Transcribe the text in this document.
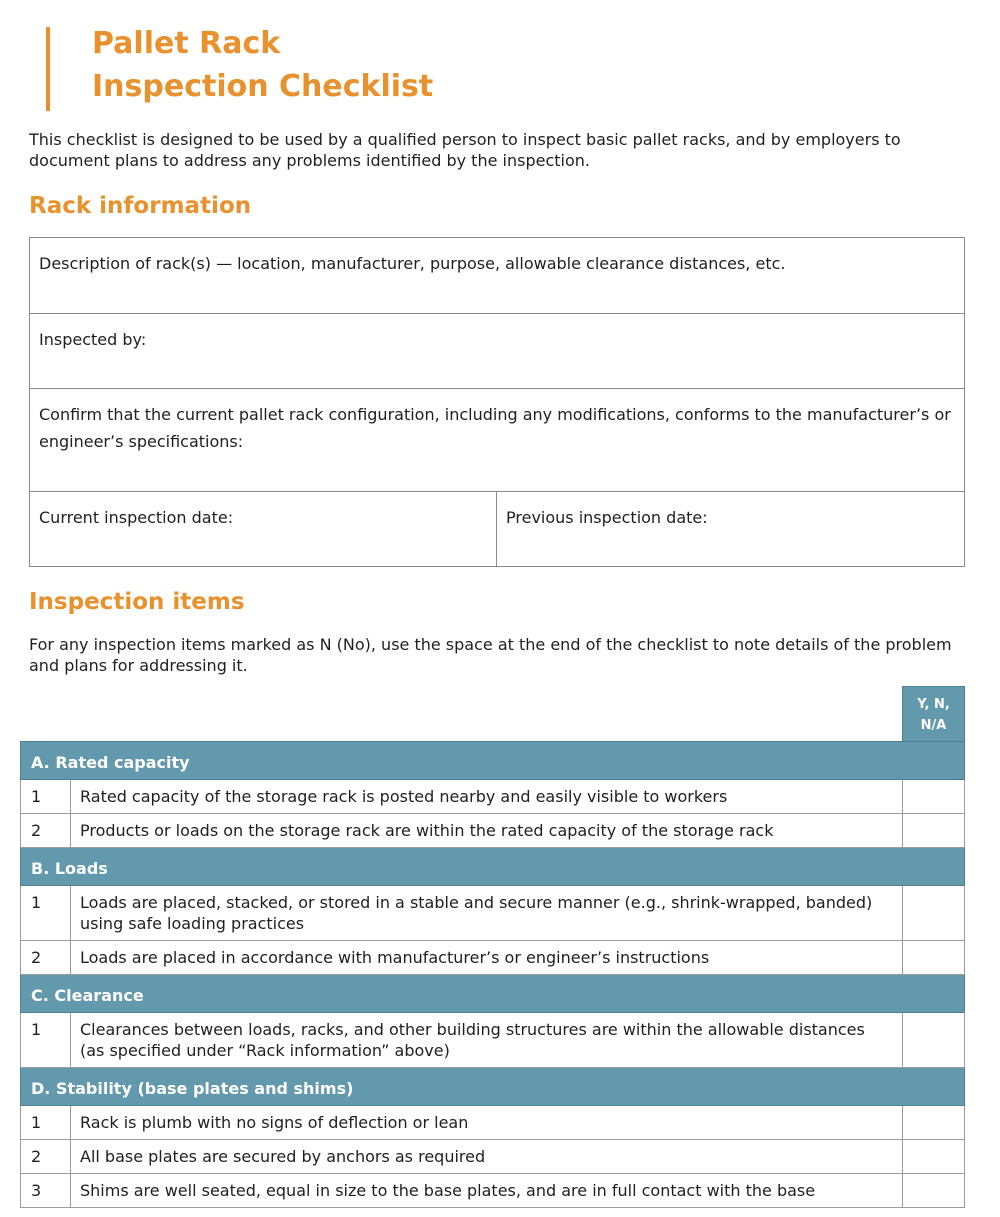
Pallet Rack
Inspection Checklist

This checklist is designed to be used by a qualified person to inspect basic pallet racks, and by employers to document plans to address any problems identified by the inspection.

Rack information
Description of rack(s) — location, manufacturer, purpose, allowable clearance distances, etc.
Inspected by:
Confirm that the current pallet rack configuration, including any modifications, conforms to the manufacturer’s or engineer’s specifications:
Current inspection date:	Previous inspection date:
Inspection items

For any inspection items marked as N (No), use the space at the end of the checklist to note details of the problem and plans for addressing it.

		Y, N,
N/A
A. Rated capacity		
1	Rated capacity of the storage rack is posted nearby and easily visible to workers	
2	Products or loads on the storage rack are within the rated capacity of the storage rack	
B. Loads		
1	Loads are placed, stacked, or stored in a stable and secure manner (e.g., shrink-wrapped, banded) using safe loading practices	
2	Loads are placed in accordance with manufacturer’s or engineer’s instructions	
C. Clearance		
1	Clearances between loads, racks, and other building structures are within the allowable distances (as specified under “Rack information” above)	
D. Stability (base plates and shims)		
1	Rack is plumb with no signs of deflection or lean	
2	All base plates are secured by anchors as required	
3	Shims are well seated, equal in size to the base plates, and are in full contact with the base	
